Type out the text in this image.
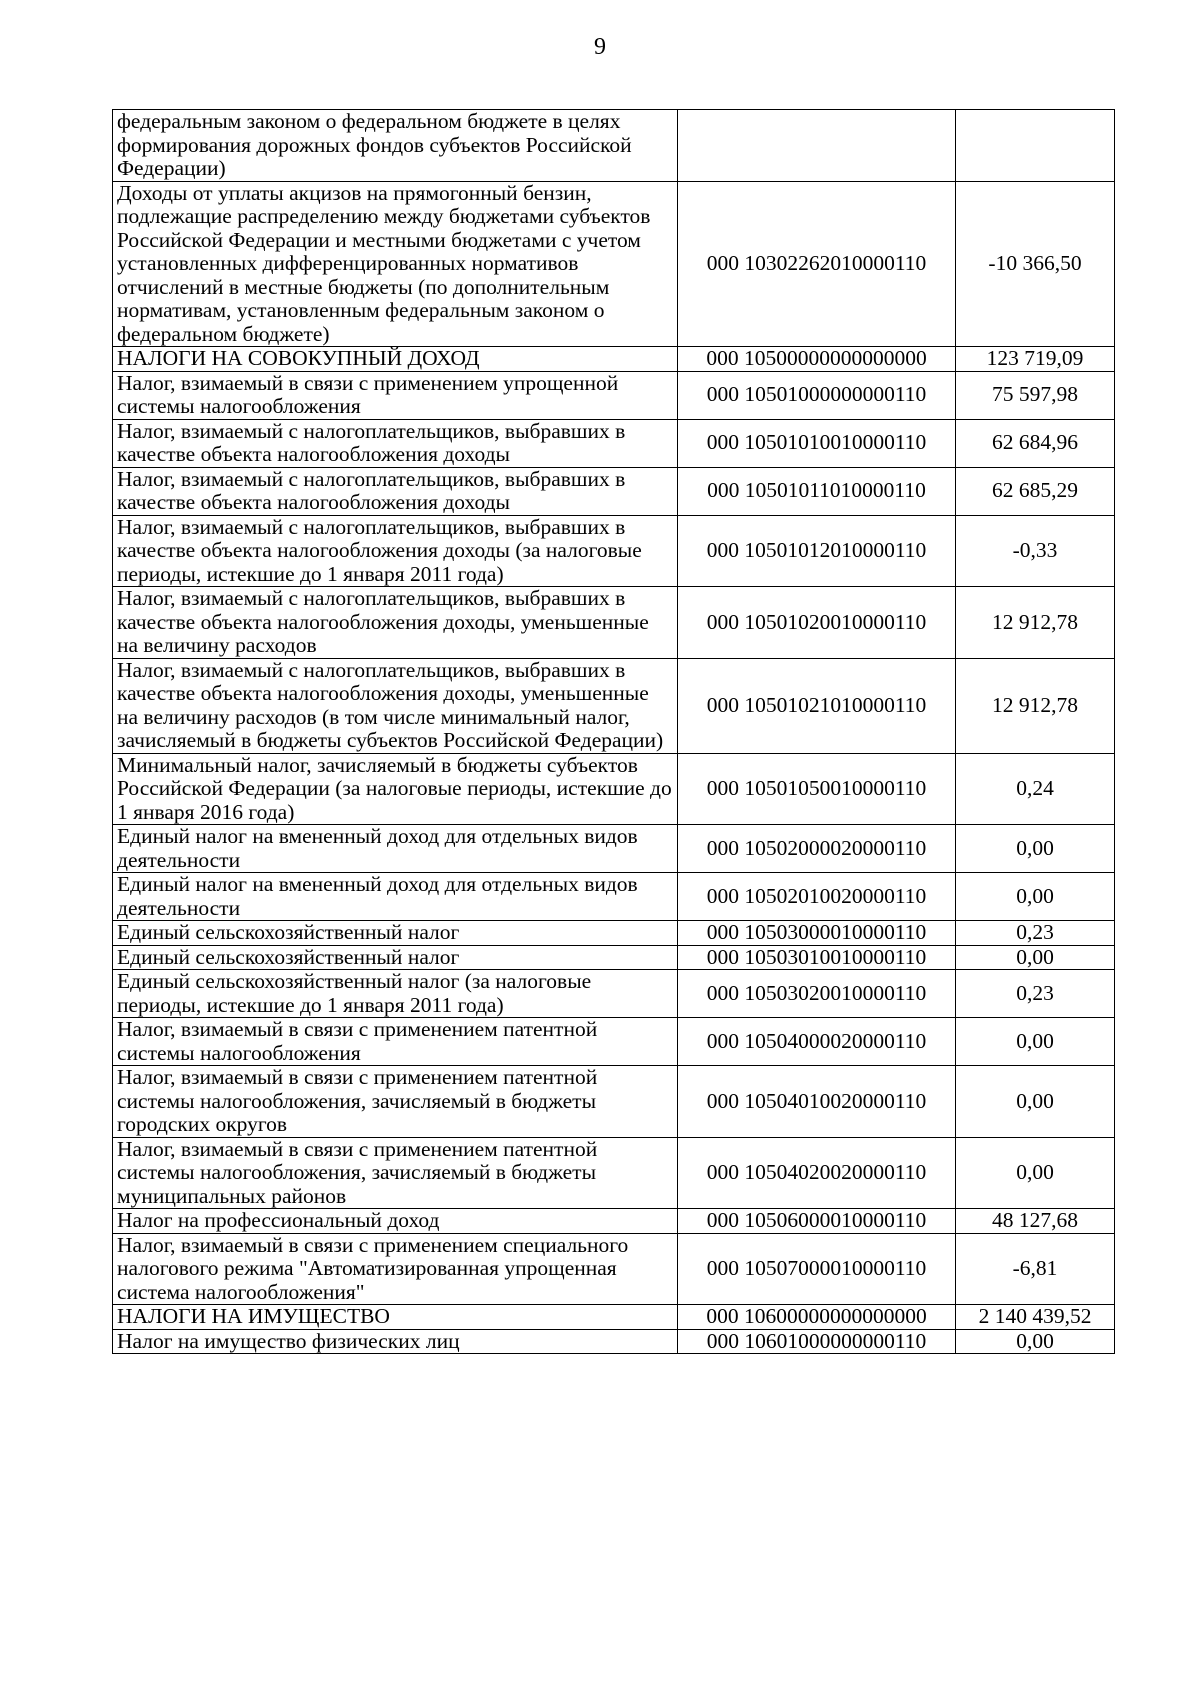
9
федеральным законом о федеральном бюджете в целях формирования дорожных фондов субъектов Российской Федерации)		
Доходы от уплаты акцизов на прямогонный бензин, подлежащие распределению между бюджетами субъектов Российской Федерации и местными бюджетами с учетом установленных дифференцированных нормативов отчислений в местные бюджеты (по дополнительным нормативам, установленным федеральным законом о федеральном бюджете)	000 10302262010000110	-10 366,50
НАЛОГИ НА СОВОКУПНЫЙ ДОХОД	000 10500000000000000	123 719,09
Налог, взимаемый в связи с применением упрощенной системы налогообложения	000 10501000000000110	75 597,98
Налог, взимаемый с налогоплательщиков, выбравших в качестве объекта налогообложения доходы	000 10501010010000110	62 684,96
Налог, взимаемый с налогоплательщиков, выбравших в качестве объекта налогообложения доходы	000 10501011010000110	62 685,29
Налог, взимаемый с налогоплательщиков, выбравших в качестве объекта налогообложения доходы (за налоговые периоды, истекшие до 1 января 2011 года)	000 10501012010000110	-0,33
Налог, взимаемый с налогоплательщиков, выбравших в качестве объекта налогообложения доходы, уменьшенные на величину расходов	000 10501020010000110	12 912,78
Налог, взимаемый с налогоплательщиков, выбравших в качестве объекта налогообложения доходы, уменьшенные на величину расходов (в том числе минимальный налог, зачисляемый в бюджеты субъектов Российской Федерации)	000 10501021010000110	12 912,78
Минимальный налог, зачисляемый в бюджеты субъектов Российской Федерации (за налоговые периоды, истекшие до 1 января 2016 года)	000 10501050010000110	0,24
Единый налог на вмененный доход для отдельных видов деятельности	000 10502000020000110	0,00
Единый налог на вмененный доход для отдельных видов деятельности	000 10502010020000110	0,00
Единый сельскохозяйственный налог	000 10503000010000110	0,23
Единый сельскохозяйственный налог	000 10503010010000110	0,00
Единый сельскохозяйственный налог (за налоговые периоды, истекшие до 1 января 2011 года)	000 10503020010000110	0,23
Налог, взимаемый в связи с применением патентной системы налогообложения	000 10504000020000110	0,00
Налог, взимаемый в связи с применением патентной системы налогообложения, зачисляемый в бюджеты городских округов	000 10504010020000110	0,00
Налог, взимаемый в связи с применением патентной системы налогообложения, зачисляемый в бюджеты муниципальных районов	000 10504020020000110	0,00
Налог на профессиональный доход	000 10506000010000110	48 127,68
Налог, взимаемый в связи с применением специального налогового режима "Автоматизированная упрощенная система налогообложения"	000 10507000010000110	-6,81
НАЛОГИ НА ИМУЩЕСТВО	000 10600000000000000	2 140 439,52
Налог на имущество физических лиц	000 10601000000000110	0,00
